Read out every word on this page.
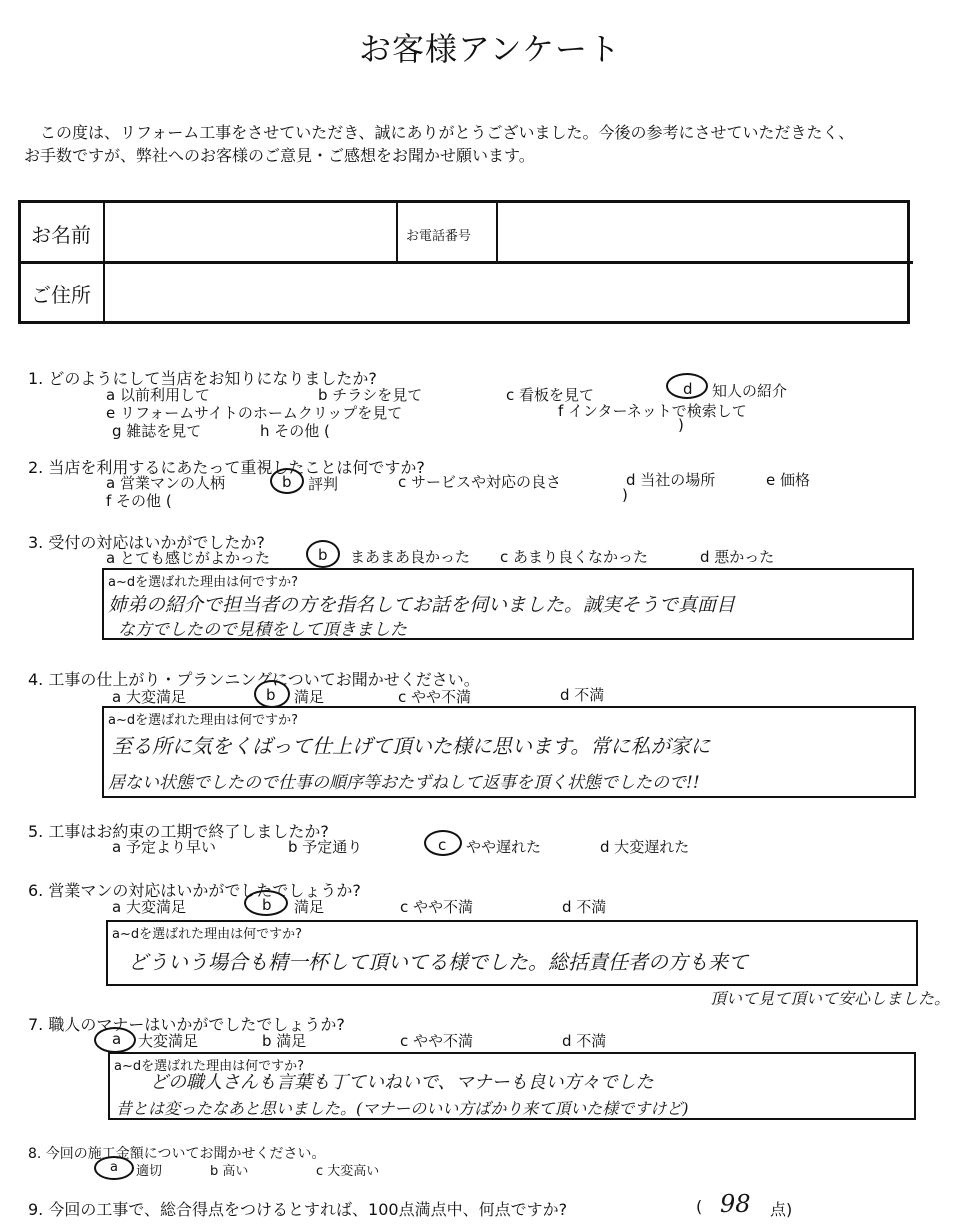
お客様アンケート
この度は、リフォーム工事をさせていただき、誠にありがとうございました。今後の参考にさせていただきたく、
お手数ですが、弊社へのお客様のご意見・ご感想をお聞かせ願います。
お名前	お電話番号
ご住所
1. どのようにして当店をお知りになりましたか?
a 以前利用して	b チラシを見て	c 看板を見て	d 知人の紹介
e リフォームサイトのホームクリップを見て	f インターネットで検索して
g 雑誌を見て	h その他 (	)
2. 当店を利用するにあたって重視したことは何ですか?
a 営業マンの人柄	b 評判	c サービスや対応の良さ	d 当社の場所	e 価格
f その他 (	)
3. 受付の対応はいかがでしたか?
a とても感じがよかった	b まあまあ良かった c あまり良くなかった	d 悪かった
a~dを選ばれた理由は何ですか?
姉弟の紹介で担当者の方を指名してお話を伺いました。誠実そうで真面目
な方でしたので見積をして頂きました
4. 工事の仕上がり・プランニングについてお聞かせください。
a 大変満足	b 満足	c やや不満	d 不満
a~dを選ばれた理由は何ですか?
至る所に気をくばって仕上げて頂いた様に思います。常に私が家に
居ない状態でしたので仕事の順序等おたずねして返事を頂く状態でしたので!!
5. 工事はお約束の工期で終了しましたか?
a 予定より早い	b 予定通り	c やや遅れた	d 大変遅れた
6. 営業マンの対応はいかがでしたでしょうか?
a 大変満足	b 満足	c やや不満	d 不満
a~dを選ばれた理由は何ですか?
どういう場合も精一杯して頂いてる様でした。総括責任者の方も来て
頂いて見て頂いて安心しました。
7. 職人のマナーはいかがでしたでしょうか?
a 大変満足	b 満足	c やや不満	d 不満
a~dを選ばれた理由は何ですか?
どの職人さんも言葉も丁ていねいで、マナーも良い方々でした
昔とは変ったなあと思いました。(マナーのいい方ばかり来て頂いた様ですけど)
8. 今回の施工金額についてお聞かせください。
a 適切	b 高い	c 大変高い
9. 今回の工事で、総合得点をつけるとすれば、100点満点中、何点ですか?	( 98 点)
